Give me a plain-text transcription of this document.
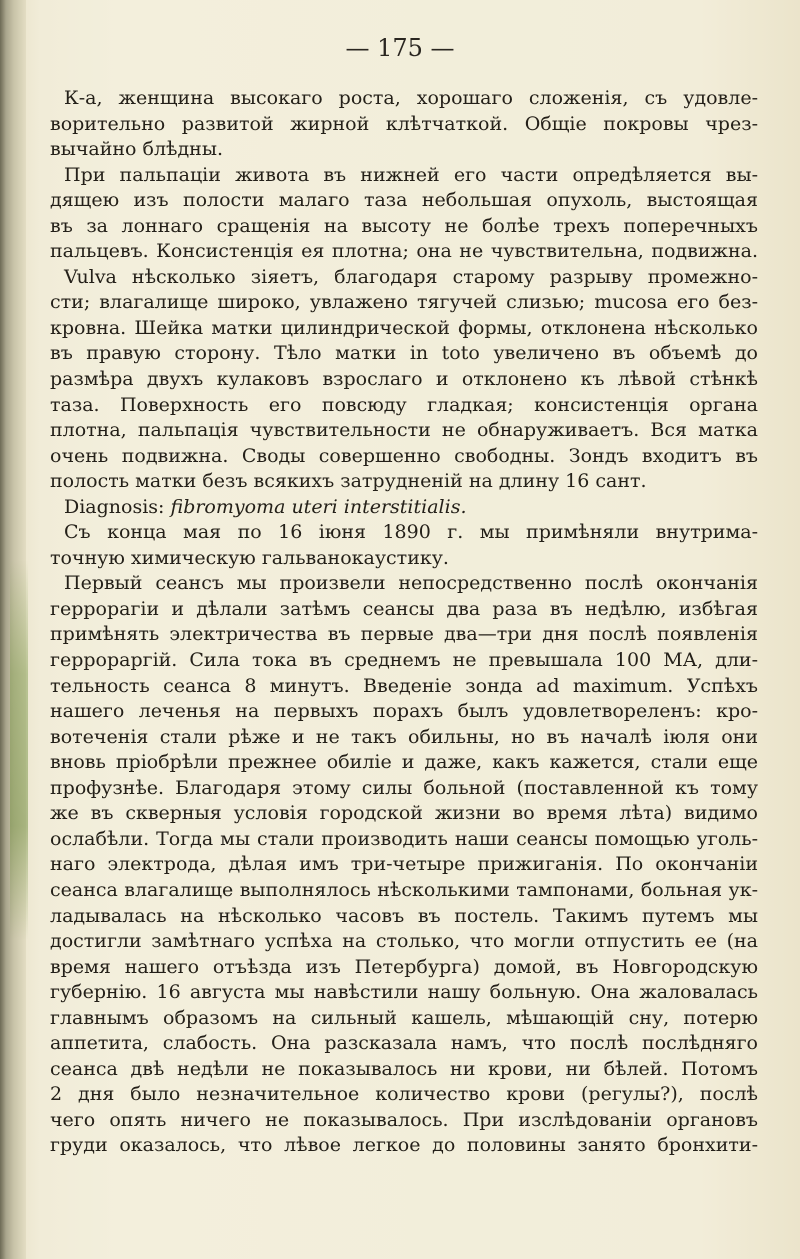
— 175 —
К-а, женщина высокаго роста, хорошаго сложенія, съ удовле-
ворительно развитой жирной клѣтчаткой. Общіе покровы чрез-
вычайно блѣдны.
При пальпаціи живота въ нижней его части опредѣляется вы-
дящею изъ полости малаго таза небольшая опухоль, выстоящая
въ за лоннаго сращенія на высоту не болѣе трехъ поперечныхъ
пальцевъ. Консистенція ея плотна; она не чувствительна, подвижна.
Vulva нѣсколько зіяетъ, благодаря старому разрыву промежно-
сти; влагалище широко, увлажено тягучей слизью; mucosa его без-
кровна. Шейка матки цилиндрической формы, отклонена нѣсколько
въ правую сторону. Тѣло матки in toto увеличено въ объемѣ до
размѣра двухъ кулаковъ взрослаго и отклонено къ лѣвой стѣнкѣ
таза. Поверхность его повсюду гладкая; консистенція органа
плотна, пальпація чувствительности не обнаруживаетъ. Вся матка
очень подвижна. Своды совершенно свободны. Зондъ входитъ въ
полость матки безъ всякихъ затрудненій на длину 16 сант.
Diagnosis: fibromyoma uteri interstitialis.
Съ конца мая по 16 іюня 1890 г. мы примѣняли внутрима-
точную химическую гальванокаустику.
Первый сеансъ мы произвели непосредственно послѣ окончанія
геррорагіи и дѣлали затѣмъ сеансы два раза въ недѣлю, избѣгая
примѣнять электричества въ первые два—три дня послѣ появленія
геррораргій. Сила тока въ среднемъ не превышала 100 МА, дли-
тельность сеанса 8 минутъ. Введеніе зонда ad maximum. Успѣхъ
нашего леченья на первыхъ порахъ былъ удовлетвореленъ: кро-
вотеченія стали рѣже и не такъ обильны, но въ началѣ іюля они
вновь пріобрѣли прежнее обиліе и даже, какъ кажется, стали еще
профузнѣе. Благодаря этому силы больной (поставленной къ тому
же въ скверныя условія городской жизни во время лѣта) видимо
ослабѣли. Тогда мы стали производить наши сеансы помощью уголь-
наго электрода, дѣлая имъ три-четыре прижиганія. По окончаніи
сеанса влагалище выполнялось нѣсколькими тампонами, больная ук-
ладывалась на нѣсколько часовъ въ постель. Такимъ путемъ мы
достигли замѣтнаго успѣха на столько, что могли отпустить ее (на
время нашего отъѣзда изъ Петербурга) домой, въ Новгородскую
губернію. 16 августа мы навѣстили нашу больную. Она жаловалась
главнымъ образомъ на сильный кашель, мѣшающій сну, потерю
аппетита, слабость. Она разсказала намъ, что послѣ послѣдняго
сеанса двѣ недѣли не показывалось ни крови, ни бѣлей. Потомъ
2 дня было незначительное количество крови (регулы?), послѣ
чего опять ничего не показывалось. При изслѣдованіи органовъ
груди оказалось, что лѣвое легкое до половины занято бронхити-
